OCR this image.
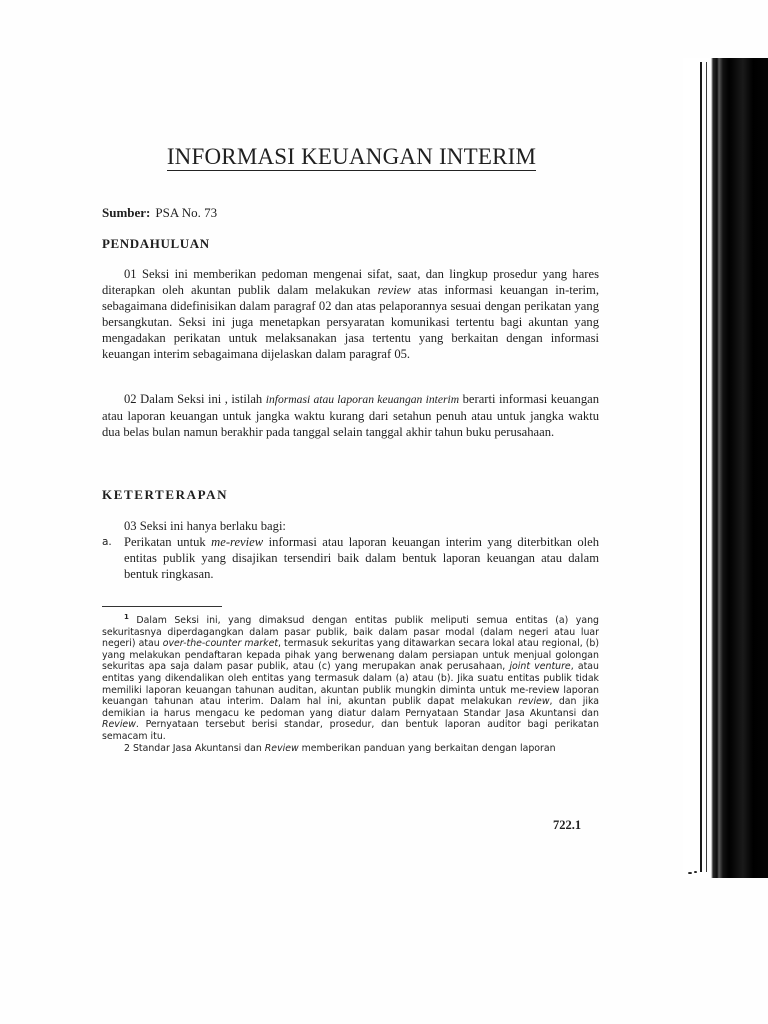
INFORMASI KEUANGAN INTERIM
Sumber: PSA No. 73
PENDAHULUAN
01 Seksi ini memberikan pedoman mengenai sifat, saat, dan lingkup prosedur yang hares diterapkan oleh akuntan publik dalam melakukan review atas informasi keuangan in-terim, sebagaimana didefinisikan dalam paragraf 02 dan atas pelaporannya sesuai dengan perikatan yang bersangkutan. Seksi ini juga menetapkan persyaratan komunikasi tertentu bagi akuntan yang mengadakan perikatan untuk melaksanakan jasa tertentu yang berkaitan dengan informasi keuangan interim sebagaimana dijelaskan dalam paragraf 05.
02 Dalam Seksi ini , istilah informasi atau laporan keuangan interim berarti informasi keuangan atau laporan keuangan untuk jangka waktu kurang dari setahun penuh atau untuk jangka waktu dua belas bulan namun berakhir pada tanggal selain tanggal akhir tahun buku perusahaan.
KETERTERAPAN
03 Seksi ini hanya berlaku bagi:
a. Perikatan untuk me-review informasi atau laporan keuangan interim yang diterbitkan oleh entitas publik yang disajikan tersendiri baik dalam bentuk laporan keuangan atau dalam bentuk ringkasan.
$^1$ Dalam Seksi ini, yang dimaksud dengan entitas publik meliputi semua entitas (a) yang sekuritasnya diperdagangkan dalam pasar publik, baik dalam pasar modal (dalam negeri atau luar negeri) atau over-the-counter market, termasuk sekuritas yang ditawarkan secara lokal atau regional, (b) yang melakukan pendaftaran kepada pihak yang berwenang dalam persiapan untuk menjual golongan sekuritas apa saja dalam pasar publik, atau (c) yang merupakan anak perusahaan, joint venture, atau entitas yang dikendalikan oleh entitas yang termasuk dalam (a) atau (b). Jika suatu entitas publik tidak memiliki laporan keuangan tahunan auditan, akuntan publik mungkin diminta untuk me-review laporan keuangan tahunan atau interim. Dalam hal ini, akuntan publik dapat melakukan review, dan jika demikian ia harus mengacu ke pedoman yang diatur dalam Pernyataan Standar Jasa Akuntansi dan Review. Pernyataan tersebut berisi standar, prosedur, dan bentuk laporan auditor bagi perikatan semacam itu.
2 Standar Jasa Akuntansi dan Review memberikan panduan yang berkaitan dengan laporan
722.1
